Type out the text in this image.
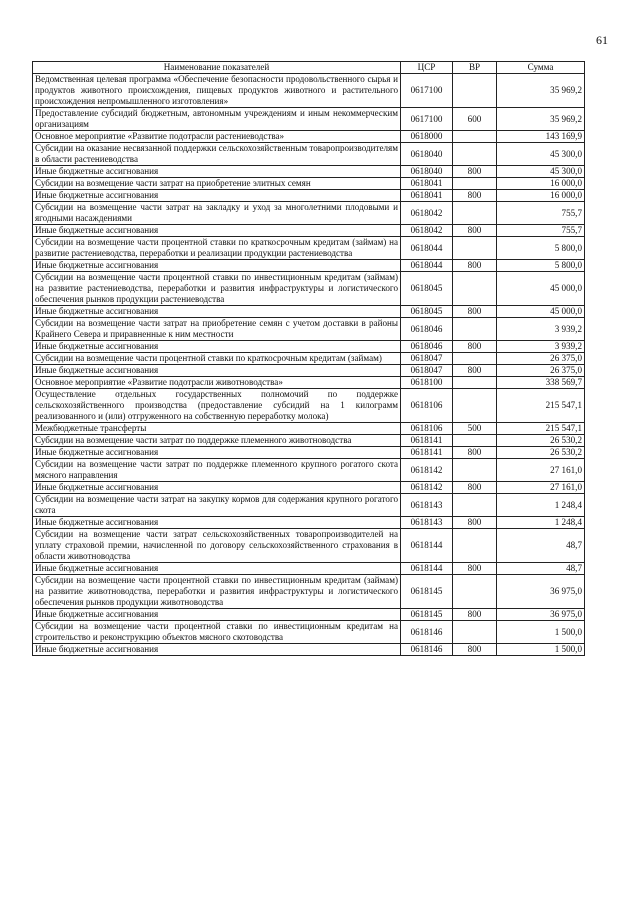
61
Наименование показателей	ЦСР	ВР	Сумма
Ведомственная целевая программа «Обеспечение безопасности продовольственного сырья и продуктов животного происхождения, пищевых продуктов животного и растительного происхождения непромышленного изготовления»	0617100		35 969,2
Предоставление субсидий бюджетным, автономным учреждениям и иным некоммерческим организациям	0617100	600	35 969,2
Основное мероприятие «Развитие подотрасли растениеводства»	0618000		143 169,9
Субсидии на оказание несвязанной поддержки сельскохозяйственным товаропроизводителям в области растениеводства	0618040		45 300,0
Иные бюджетные ассигнования	0618040	800	45 300,0
Субсидии на возмещение части затрат на приобретение элитных семян	0618041		16 000,0
Иные бюджетные ассигнования	0618041	800	16 000,0
Субсидии на возмещение части затрат на закладку и уход за многолетними плодовыми и ягодными насаждениями	0618042		755,7
Иные бюджетные ассигнования	0618042	800	755,7
Субсидии на возмещение части процентной ставки по краткосрочным кредитам (займам) на развитие растениеводства, переработки и реализации продукции растениеводства	0618044		5 800,0
Иные бюджетные ассигнования	0618044	800	5 800,0
Субсидии на возмещение части процентной ставки по инвестиционным кредитам (займам) на развитие растениеводства, переработки и развития инфраструктуры и логистического обеспечения рынков продукции растениеводства	0618045		45 000,0
Иные бюджетные ассигнования	0618045	800	45 000,0
Субсидии на возмещение части затрат на приобретение семян с учетом доставки в районы Крайнего Севера и приравненные к ним местности	0618046		3 939,2
Иные бюджетные ассигнования	0618046	800	3 939,2
Субсидии на возмещение части процентной ставки по краткосрочным кредитам (займам)	0618047		26 375,0
Иные бюджетные ассигнования	0618047	800	26 375,0
Основное мероприятие «Развитие подотрасли животноводства»	0618100		338 569,7
Осуществление отдельных государственных полномочий по поддержке сельскохозяйственного производства (предоставление субсидий на 1 килограмм реализованного и (или) отгруженного на собственную переработку молока)	0618106		215 547,1
Межбюджетные трансферты	0618106	500	215 547,1
Субсидии на возмещение части затрат по поддержке племенного животноводства	0618141		26 530,2
Иные бюджетные ассигнования	0618141	800	26 530,2
Субсидии на возмещение части затрат по поддержке племенного крупного рогатого скота мясного направления	0618142		27 161,0
Иные бюджетные ассигнования	0618142	800	27 161,0
Субсидии на возмещение части затрат на закупку кормов для содержания крупного рогатого скота	0618143		1 248,4
Иные бюджетные ассигнования	0618143	800	1 248,4
Субсидии на возмещение части затрат сельскохозяйственных товаропроизводителей на уплату страховой премии, начисленной по договору сельскохозяйственного страхования в области животноводства	0618144		48,7
Иные бюджетные ассигнования	0618144	800	48,7
Субсидии на возмещение части процентной ставки по инвестиционным кредитам (займам) на развитие животноводства, переработки и развития инфраструктуры и логистического обеспечения рынков продукции животноводства	0618145		36 975,0
Иные бюджетные ассигнования	0618145	800	36 975,0
Субсидии на возмещение части процентной ставки по инвестиционным кредитам на строительство и реконструкцию объектов мясного скотоводства	0618146		1 500,0
Иные бюджетные ассигнования	0618146	800	1 500,0
